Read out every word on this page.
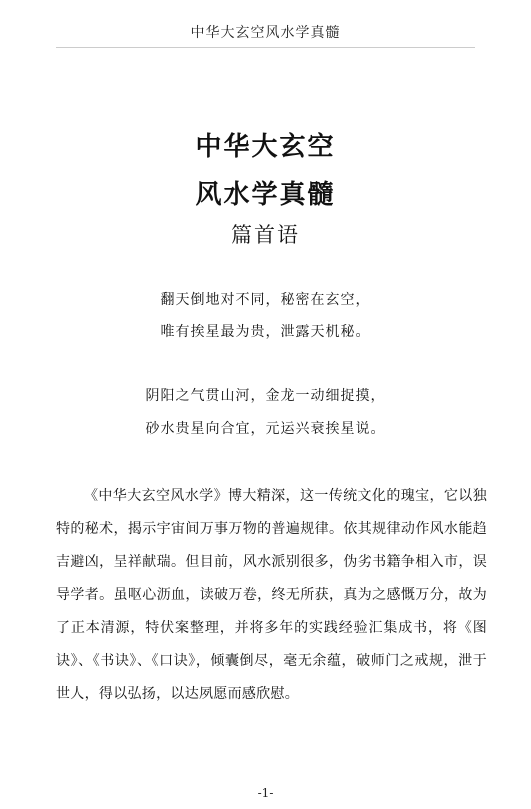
中华大玄空风水学真髓
中华大玄空
风水学真髓
篇首语
翻天倒地对不同，秘密在玄空，
唯有挨星最为贵，泄露天机秘。
阴阳之气贯山河，金龙一动细捉摸，
砂水贵星向合宜，元运兴衰挨星说。
《中华大玄空风水学》博大精深，这一传统文化的瑰宝，它以独特的秘术，揭示宇宙间万事万物的普遍规律。依其规律动作风水能趋吉避凶，呈祥献瑞。但目前，风水派别很多，伪劣书籍争相入市，误导学者。虽呕心沥血，读破万卷，终无所获，真为之感慨万分，故为了正本清源，特伏案整理，并将多年的实践经验汇集成书，将《图诀》、《书诀》、《口诀》，倾囊倒尽，毫无余蕴，破师门之戒规，泄于世人，得以弘扬，以达夙愿而感欣慰。
-1-
